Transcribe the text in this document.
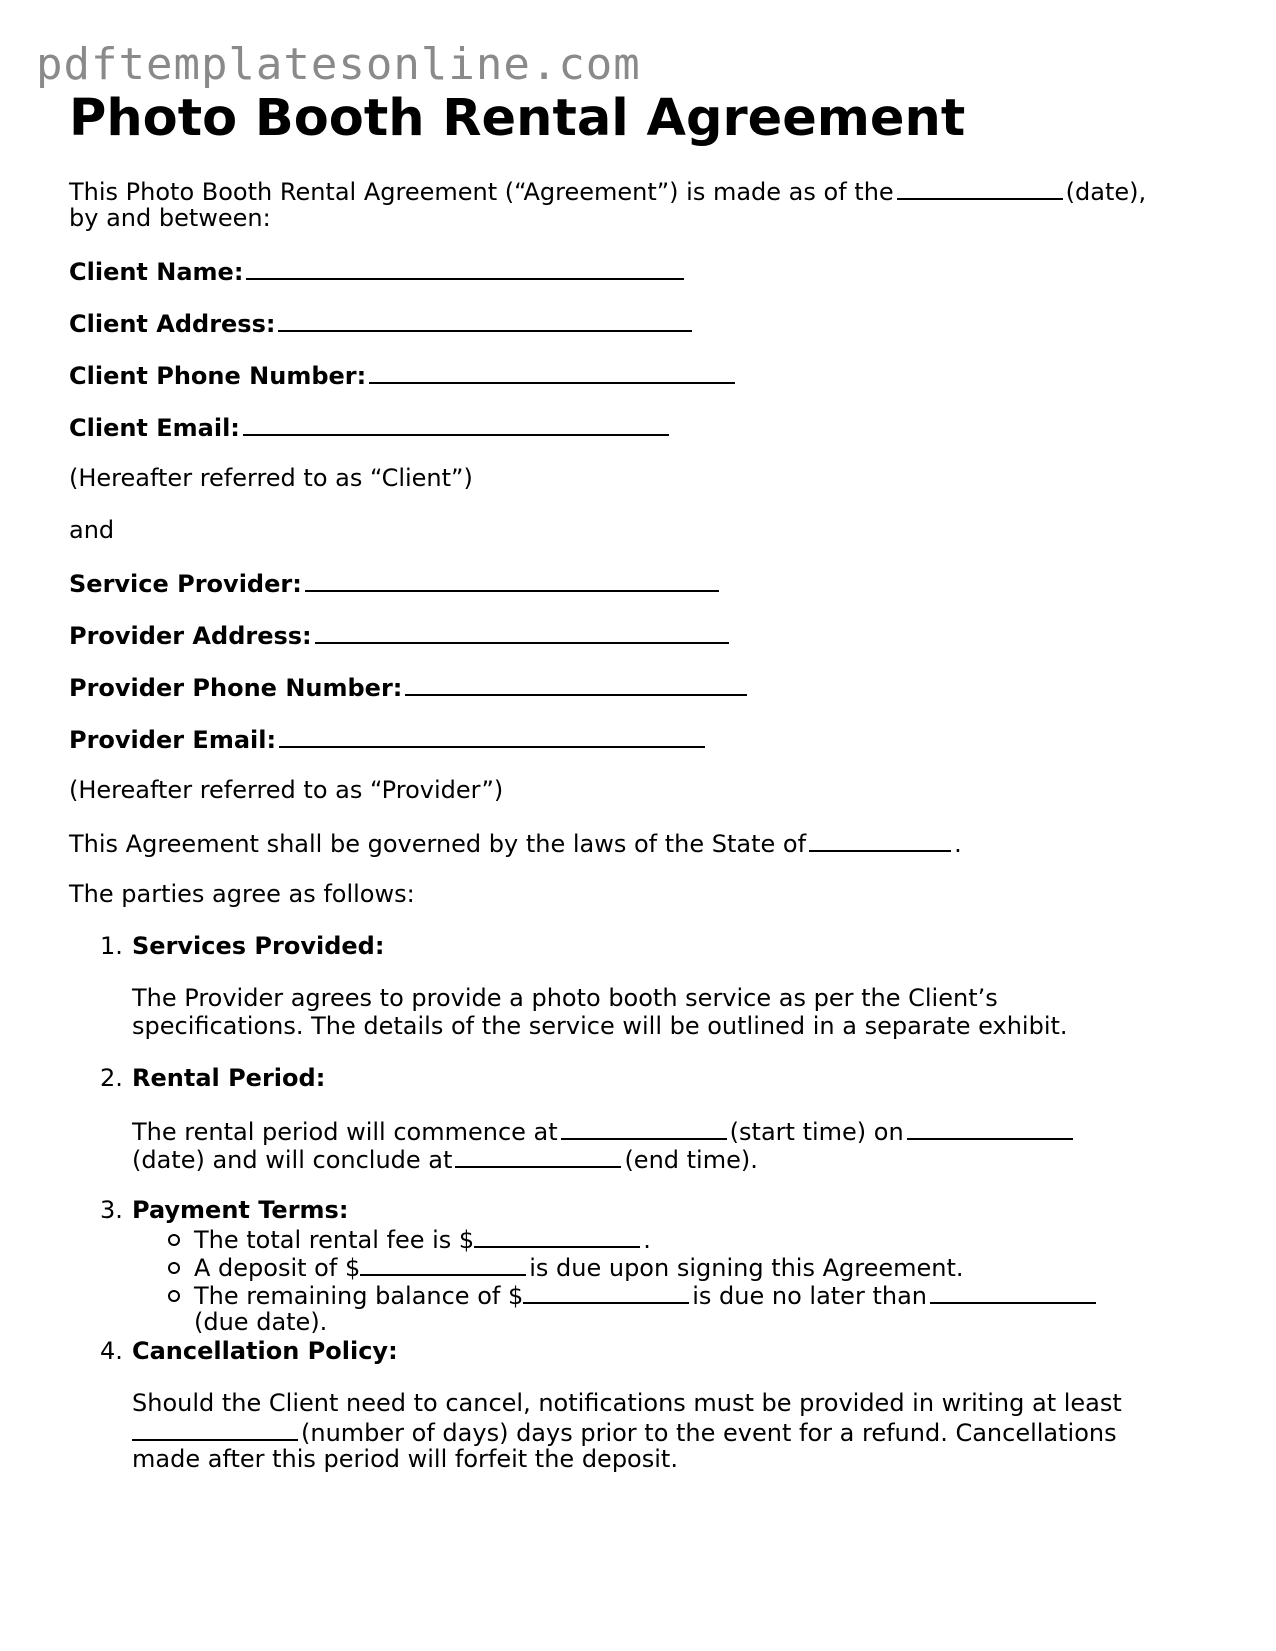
pdftemplatesonline.com
Photo Booth Rental Agreement
This Photo Booth Rental Agreement (“Agreement”) is made as of the	(date),
by and between:
Client Name:
Client Address:
Client Phone Number:
Client Email:
(Hereafter referred to as “Client”)
and
Service Provider:
Provider Address:
Provider Phone Number:
Provider Email:
(Hereafter referred to as “Provider”)
This Agreement shall be governed by the laws of the State of	.
The parties agree as follows:
1. Services Provided:
The Provider agrees to provide a photo booth service as per the Client’s
specifications. The details of the service will be outlined in a separate exhibit.
2. Rental Period:
The rental period will commence at	(start time) on
(date) and will conclude at	(end time).
3. Payment Terms:
The total rental fee is $	.
A deposit of $	is due upon signing this Agreement.
The remaining balance of $	is due no later than
(due date).
4. Cancellation Policy:
Should the Client need to cancel, notifications must be provided in writing at least
(number of days) days prior to the event for a refund. Cancellations
made after this period will forfeit the deposit.
